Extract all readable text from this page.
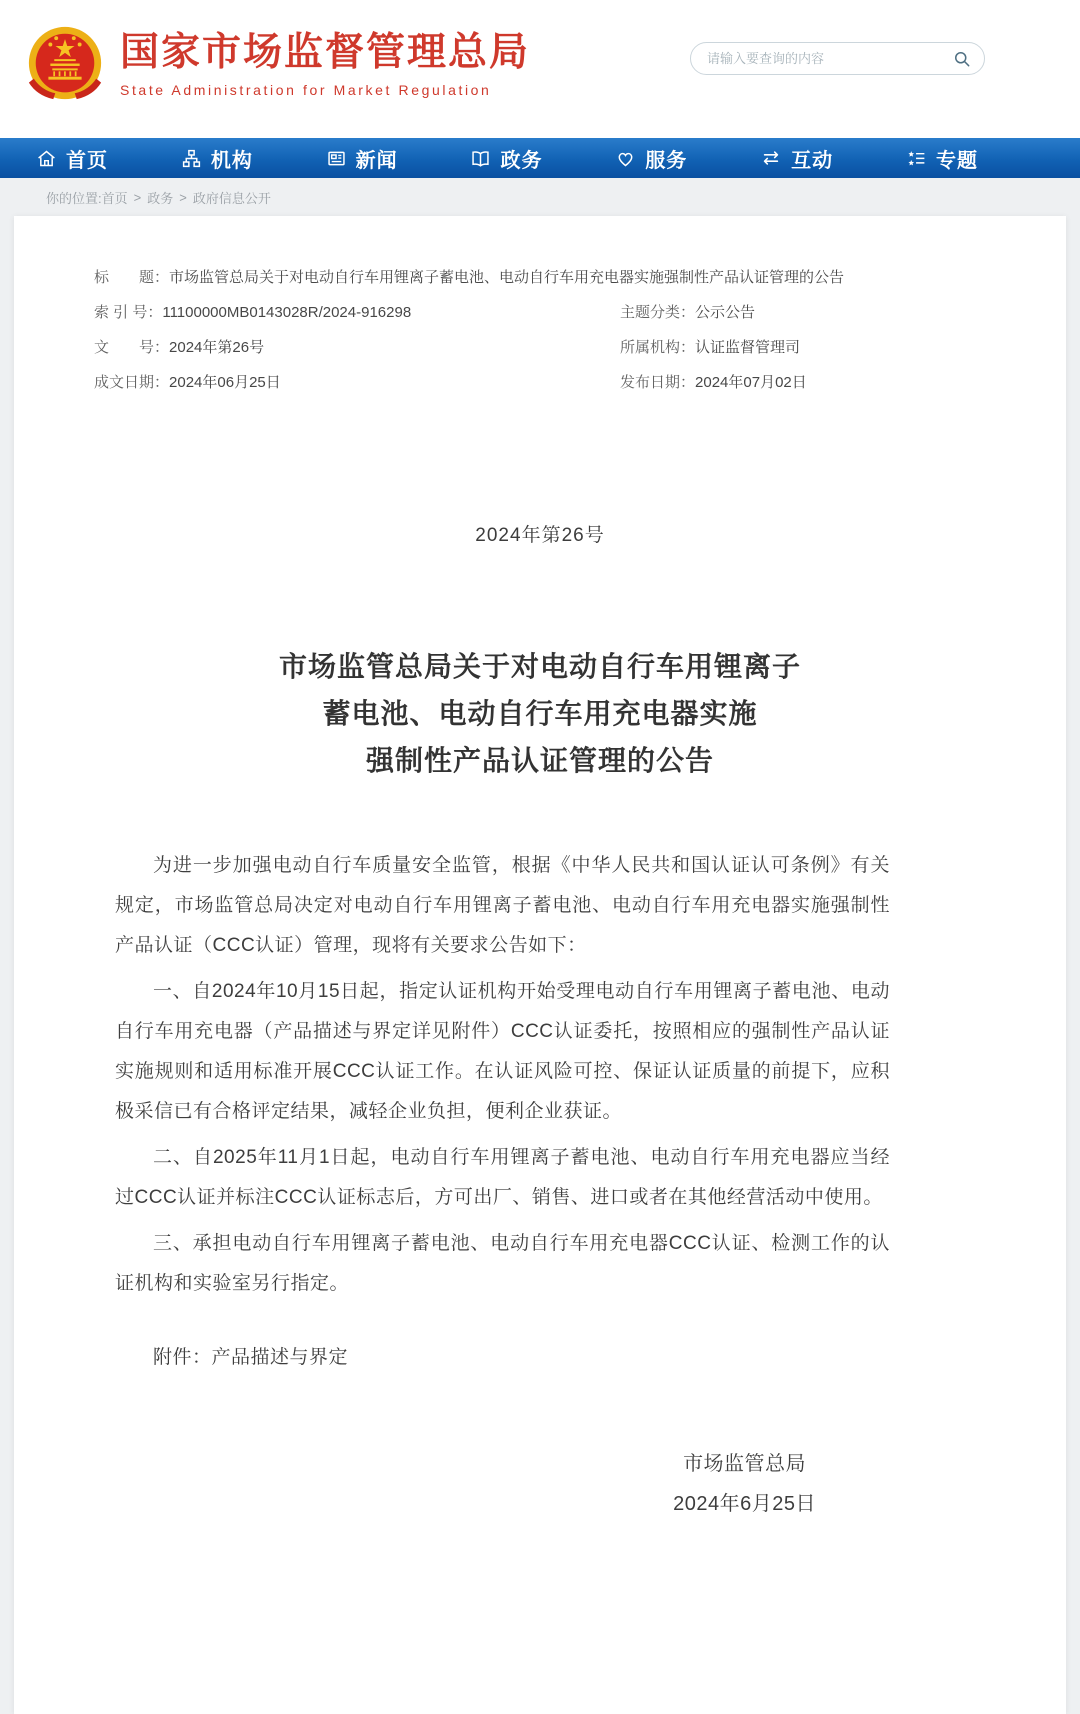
国家市场监督管理总局
State Administration for Market Regulation
请输入要查询的内容
首页	机构	新闻	政务	服务	互动	专题
你的位置: 首页 > 政务 > 政府信息公开
标　　题： 市场监管总局关于对电动自行车用锂离子蓄电池、电动自行车用充电器实施强制性产品认证管理的公告
索 引 号： 11100000MB0143028R/2024-916298	主题分类： 公示公告
文　　号： 2024年第26号	所属机构： 认证监督管理司
成文日期： 2024年06月25日	发布日期： 2024年07月02日
2024年第26号
市场监管总局关于对电动自行车用锂离子
蓄电池、电动自行车用充电器实施
强制性产品认证管理的公告

为进一步加强电动自行车质量安全监管，根据《中华人民共和国认证认可条例》有关规定，市场监管总局决定对电动自行车用锂离子蓄电池、电动自行车用充电器实施强制性产品认证（CCC认证）管理，现将有关要求公告如下：

一、自2024年10月15日起，指定认证机构开始受理电动自行车用锂离子蓄电池、电动自行车用充电器（产品描述与界定详见附件）CCC认证委托，按照相应的强制性产品认证实施规则和适用标准开展CCC认证工作。在认证风险可控、保证认证质量的前提下，应积极采信已有合格评定结果，减轻企业负担，便利企业获证。

二、自2025年11月1日起，电动自行车用锂离子蓄电池、电动自行车用充电器应当经过CCC认证并标注CCC认证标志后，方可出厂、销售、进口或者在其他经营活动中使用。

三、承担电动自行车用锂离子蓄电池、电动自行车用充电器CCC认证、检测工作的认证机构和实验室另行指定。

附件：产品描述与界定
市场监管总局
2024年6月25日
